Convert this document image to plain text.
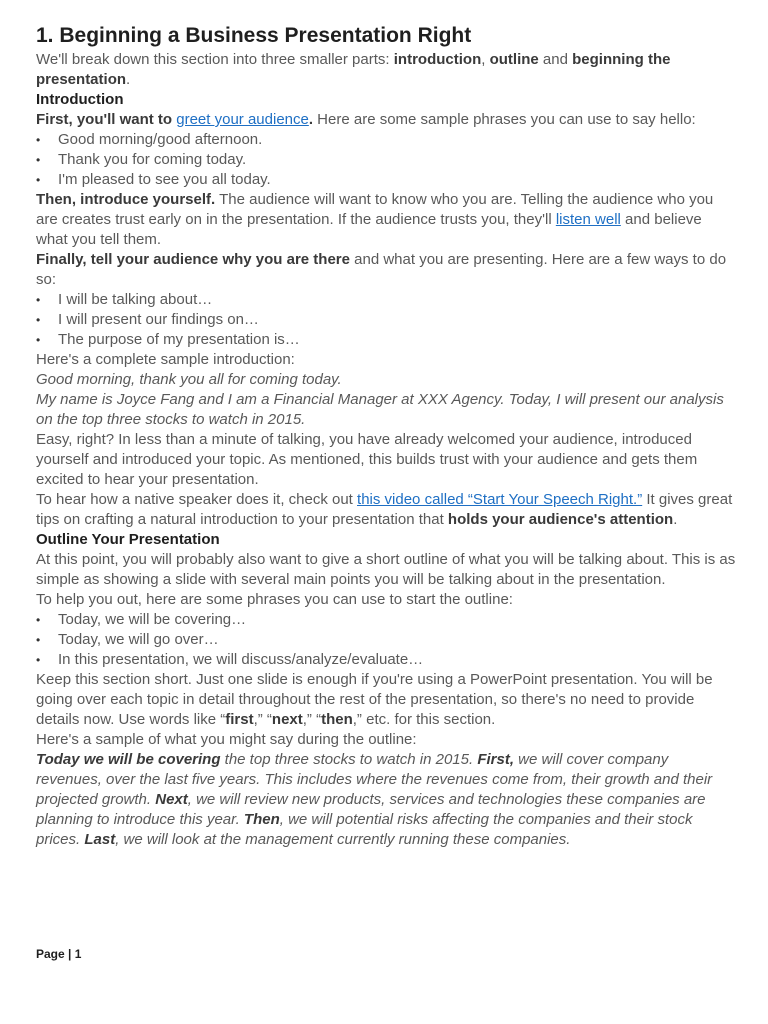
1. Beginning a Business Presentation Right

We'll break down this section into three smaller parts: introduction, outline and beginning the presentation.

Introduction

First, you'll want to greet your audience. Here are some sample phrases you can use to say hello:

• Good morning/good afternoon.
• Thank you for coming today.
• I'm pleased to see you all today.

Then, introduce yourself. The audience will want to know who you are. Telling the audience who you are creates trust early on in the presentation. If the audience trusts you, they'll listen well and believe what you tell them.

Finally, tell your audience why you are there and what you are presenting. Here are a few ways to do so:

• I will be talking about…
• I will present our findings on…
• The purpose of my presentation is…

Here's a complete sample introduction:

Good morning, thank you all for coming today.

My name is Joyce Fang and I am a Financial Manager at XXX Agency. Today, I will present our analysis on the top three stocks to watch in 2015.

Easy, right? In less than a minute of talking, you have already welcomed your audience, introduced yourself and introduced your topic. As mentioned, this builds trust with your audience and gets them excited to hear your presentation.

To hear how a native speaker does it, check out this video called “Start Your Speech Right.” It gives great tips on crafting a natural introduction to your presentation that holds your audience's attention.

Outline Your Presentation

At this point, you will probably also want to give a short outline of what you will be talking about. This is as simple as showing a slide with several main points you will be talking about in the presentation.

To help you out, here are some phrases you can use to start the outline:

• Today, we will be covering…
• Today, we will go over…
• In this presentation, we will discuss/analyze/evaluate…

Keep this section short. Just one slide is enough if you're using a PowerPoint presentation. You will be going over each topic in detail throughout the rest of the presentation, so there's no need to provide details now. Use words like “first,” “next,” “then,” etc. for this section.

Here's a sample of what you might say during the outline:

Today we will be covering the top three stocks to watch in 2015. First, we will cover company revenues, over the last five years. This includes where the revenues come from, their growth and their projected growth. Next, we will review new products, services and technologies these companies are planning to introduce this year. Then, we will potential risks affecting the companies and their stock prices. Last, we will look at the management currently running these companies.

Page | 1
